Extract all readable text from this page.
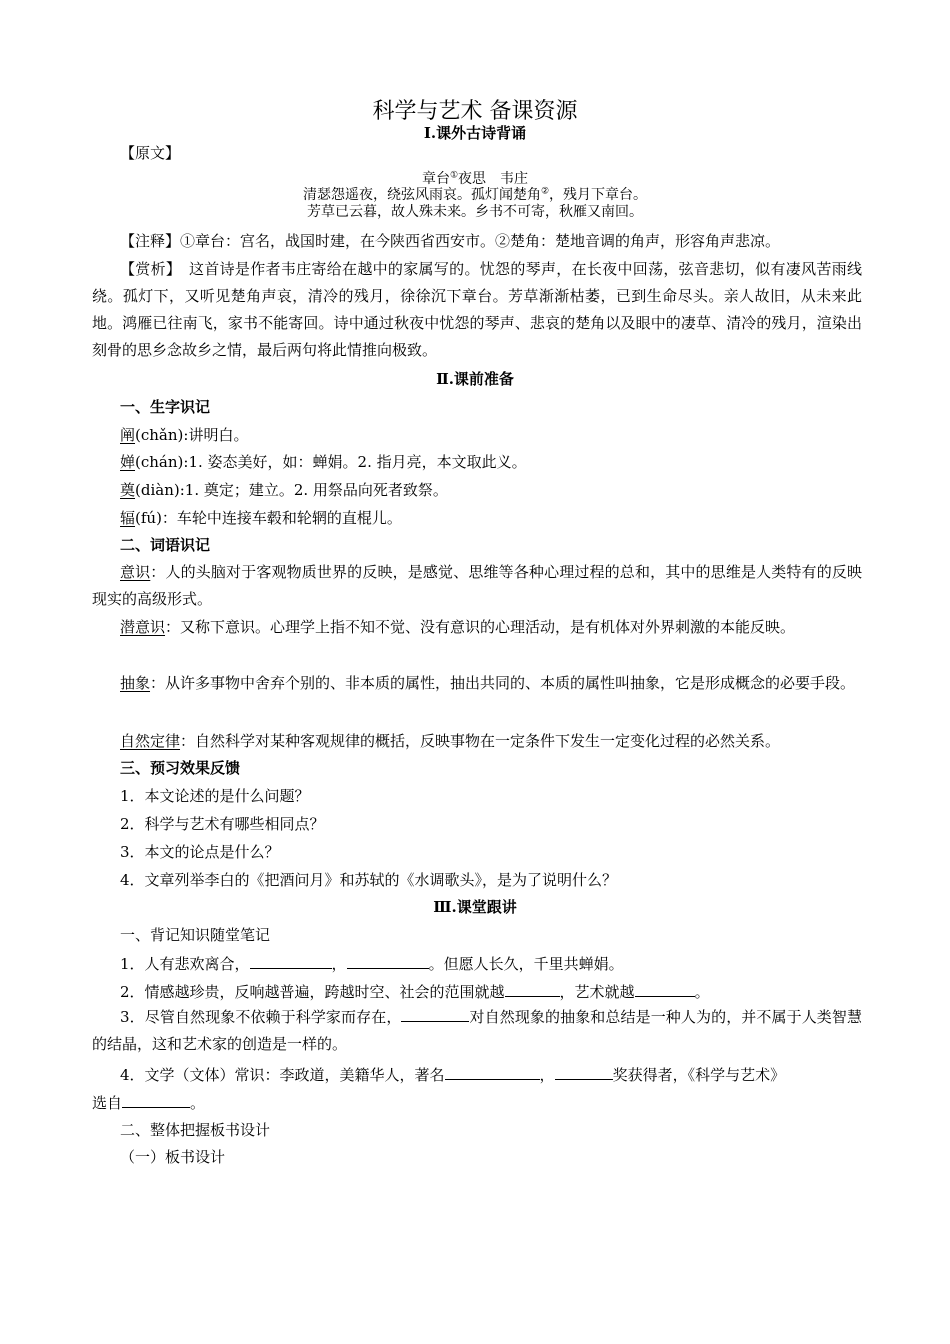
科学与艺术 备课资源
Ⅰ.课外古诗背诵
【原文】
章台①夜思　 韦庄
清瑟怨遥夜，绕弦风雨哀。孤灯闻楚角②，残月下章台。
芳草已云暮，故人殊未来。乡书不可寄，秋雁又南回。
【注释】①章台：宫名，战国时建，在今陕西省西安市。②楚角：楚地音调的角声，形容角声悲凉。
【赏析】　这首诗是作者韦庄寄给在越中的家属写的。忧怨的琴声，在长夜中回荡，弦音悲切，似有凄风苦雨线绕。孤灯下，又听见楚角声哀，清冷的残月，徐徐沉下章台。芳草渐渐枯萎，已到生命尽头。亲人故旧，从未来此地。鸿雁已往南飞，家书不能寄回。诗中通过秋夜中忧怨的琴声、悲哀的楚角以及眼中的凄草、清冷的残月，渲染出刻骨的思乡念故乡之情，最后两句将此情推向极致。
Ⅱ.课前准备
一、生字识记
阐(chǎn):讲明白。
婵(chán):1. 姿态美好，如：蝉娟。2. 指月亮，本文取此义。
奠(diàn):1. 奠定；建立。2. 用祭品向死者致祭。
辐(fú)：车轮中连接车毂和轮辋的直棍儿。
二、词语识记
意识：人的头脑对于客观物质世界的反映，是感觉、思维等各种心理过程的总和，其中的思维是人类特有的反映现实的高级形式。
潜意识：又称下意识。心理学上指不知不觉、没有意识的心理活动，是有机体对外界刺激的本能反映。
抽象：从许多事物中舍弃个别的、非本质的属性，抽出共同的、本质的属性叫抽象，它是形成概念的必要手段。
自然定律：自然科学对某种客观规律的概括，反映事物在一定条件下发生一定变化过程的必然关系。
三、预习效果反馈
1．本文论述的是什么问题？
2．科学与艺术有哪些相同点？
3．本文的论点是什么？
4．文章列举李白的《把酒问月》和苏轼的《水调歌头》，是为了说明什么？
Ⅲ.课堂跟讲
一、背记知识随堂笔记
1．人有悲欢离合，	，	。但愿人长久，千里共蝉娟。
2．情感越珍贵，反响越普遍，跨越时空、社会的范围就越	，艺术就越	。
3．尽管自然现象不依赖于科学家而存在，	对自然现象的抽象和总结是一种人为的，并不属于人类智慧的结晶，这和艺术家的创造是一样的。
4．文学（文体）常识：李政道，美籍华人，著名	，	奖获得者，《科学与艺术》
选自	。
二、整体把握板书设计
（一）板书设计
